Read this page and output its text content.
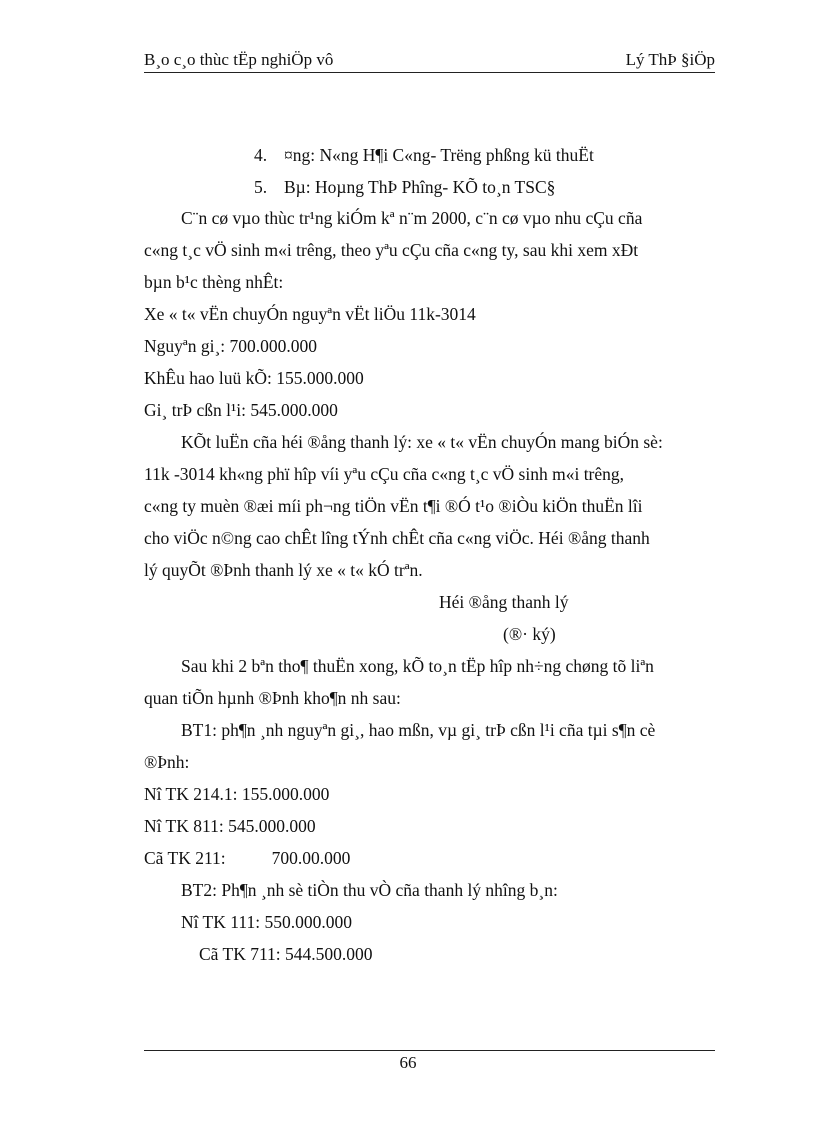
B¸o c¸o thùc tËp nghiÖp vô	Lý ThÞ §iÖp
4. ¤ng: N«ng H¶i C«ng- Trëng phßng kü thuËt
5. Bµ: Hoµng ThÞ Phîng- KÕ to¸n TSC§
C¨n cø vµo thùc tr¹ng kiÓm kª n¨m 2000, c¨n cø vµo nhu cÇu cña
c«ng t¸c vÖ sinh m«i trêng, theo yªu cÇu cña c«ng ty, sau khi xem xÐt
bµn b¹c thèng nhÊt:
Xe « t« vËn chuyÓn nguyªn vËt liÖu 11k-3014
Nguyªn gi¸: 700.000.000
KhÊu hao luü kÕ: 155.000.000
Gi¸ trÞ cßn l¹i: 545.000.000
KÕt luËn cña héi ®ång thanh lý: xe « t« vËn chuyÓn mang biÓn sè:
11k -3014 kh«ng phï hîp víi yªu cÇu cña c«ng t¸c vÖ sinh m«i trêng,
c«ng ty muèn ®æi míi ph¬ng tiÖn vËn t¶i ®Ó t¹o ®iÒu kiÖn thuËn lîi
cho viÖc n©ng cao chÊt lîng tÝnh chÊt cña c«ng viÖc. Héi ®ång thanh
lý quyÕt ®Þnh thanh lý xe « t« kÓ trªn.
Héi ®ång thanh lý
(®· ký)
Sau khi 2 bªn tho¶ thuËn xong, kÕ to¸n tËp hîp nh÷ng chøng tõ liªn
quan tiÕn hµnh ®Þnh kho¶n nh sau:
BT1: ph¶n ¸nh nguyªn gi¸, hao mßn, vµ gi¸ trÞ cßn l¹i cña tµi s¶n cè
®Þnh:
Nî TK 214.1: 155.000.000
Nî TK 811: 545.000.000
Cã TK 211:	700.00.000
BT2: Ph¶n ¸nh sè tiÒn thu vÒ cña thanh lý nhîng b¸n:
Nî TK 111: 550.000.000
Cã TK 711: 544.500.000
66
